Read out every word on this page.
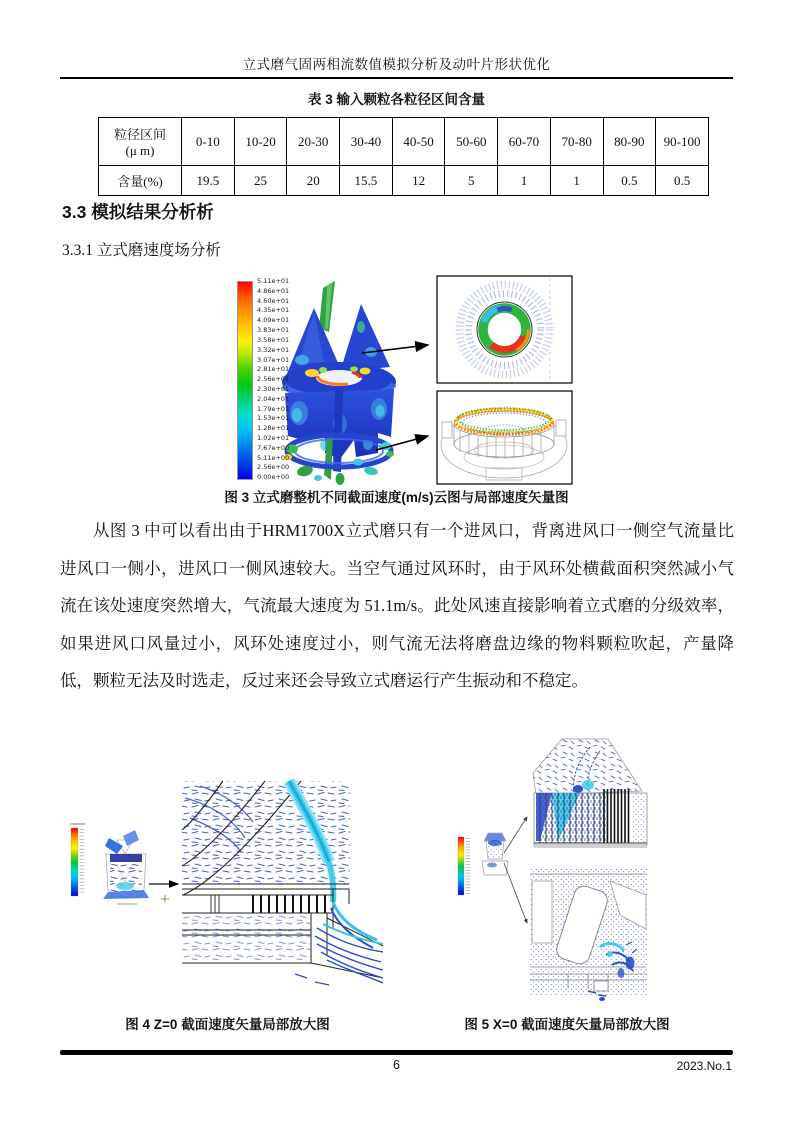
立式磨气固两相流数值模拟分析及动叶片形状优化
表 3 输入颗粒各粒径区间含量
粒径区间
(μ m)	0-10	10-20	20-30	30-40	40-50	50-60	60-70	70-80	80-90	90-100
含量(%)	19.5	25	20	15.5	12	5	1	1	0.5	0.5
3.3 模拟结果分析析
3.3.1 立式磨速度场分析
5.11e+01
4.86e+01
4.60e+01
4.35e+01
4.09e+01
3.83e+01
3.58e+01
3.32e+01
3.07e+01
2.81e+01
2.56e+01
2.30e+01
2.04e+01
1.79e+01
1.53e+01
1.28e+01
1.02e+01
7.67e+00
5.11e+00
2.56e+00
0.00e+00
图 3 立式磨整机不同截面速度(m/s)云图与局部速度矢量图
从图 3 中可以看出由于HRM1700X立式磨只有一个进风口，背离进风口一侧空气流量比进风口一侧小，进风口一侧风速较大。当空气通过风环时，由于风环处横截面积突然减小气流在该处速度突然增大，气流最大速度为 51.1m/s。此处风速直接影响着立式磨的分级效率，如果进风口风量过小，风环处速度过小，则气流无法将磨盘边缘的物料颗粒吹起，产量降低，颗粒无法及时选走，反过来还会导致立式磨运行产生振动和不稳定。
图 4 Z=0 截面速度矢量局部放大图	图 5 X=0 截面速度矢量局部放大图
6	2023.No.1
